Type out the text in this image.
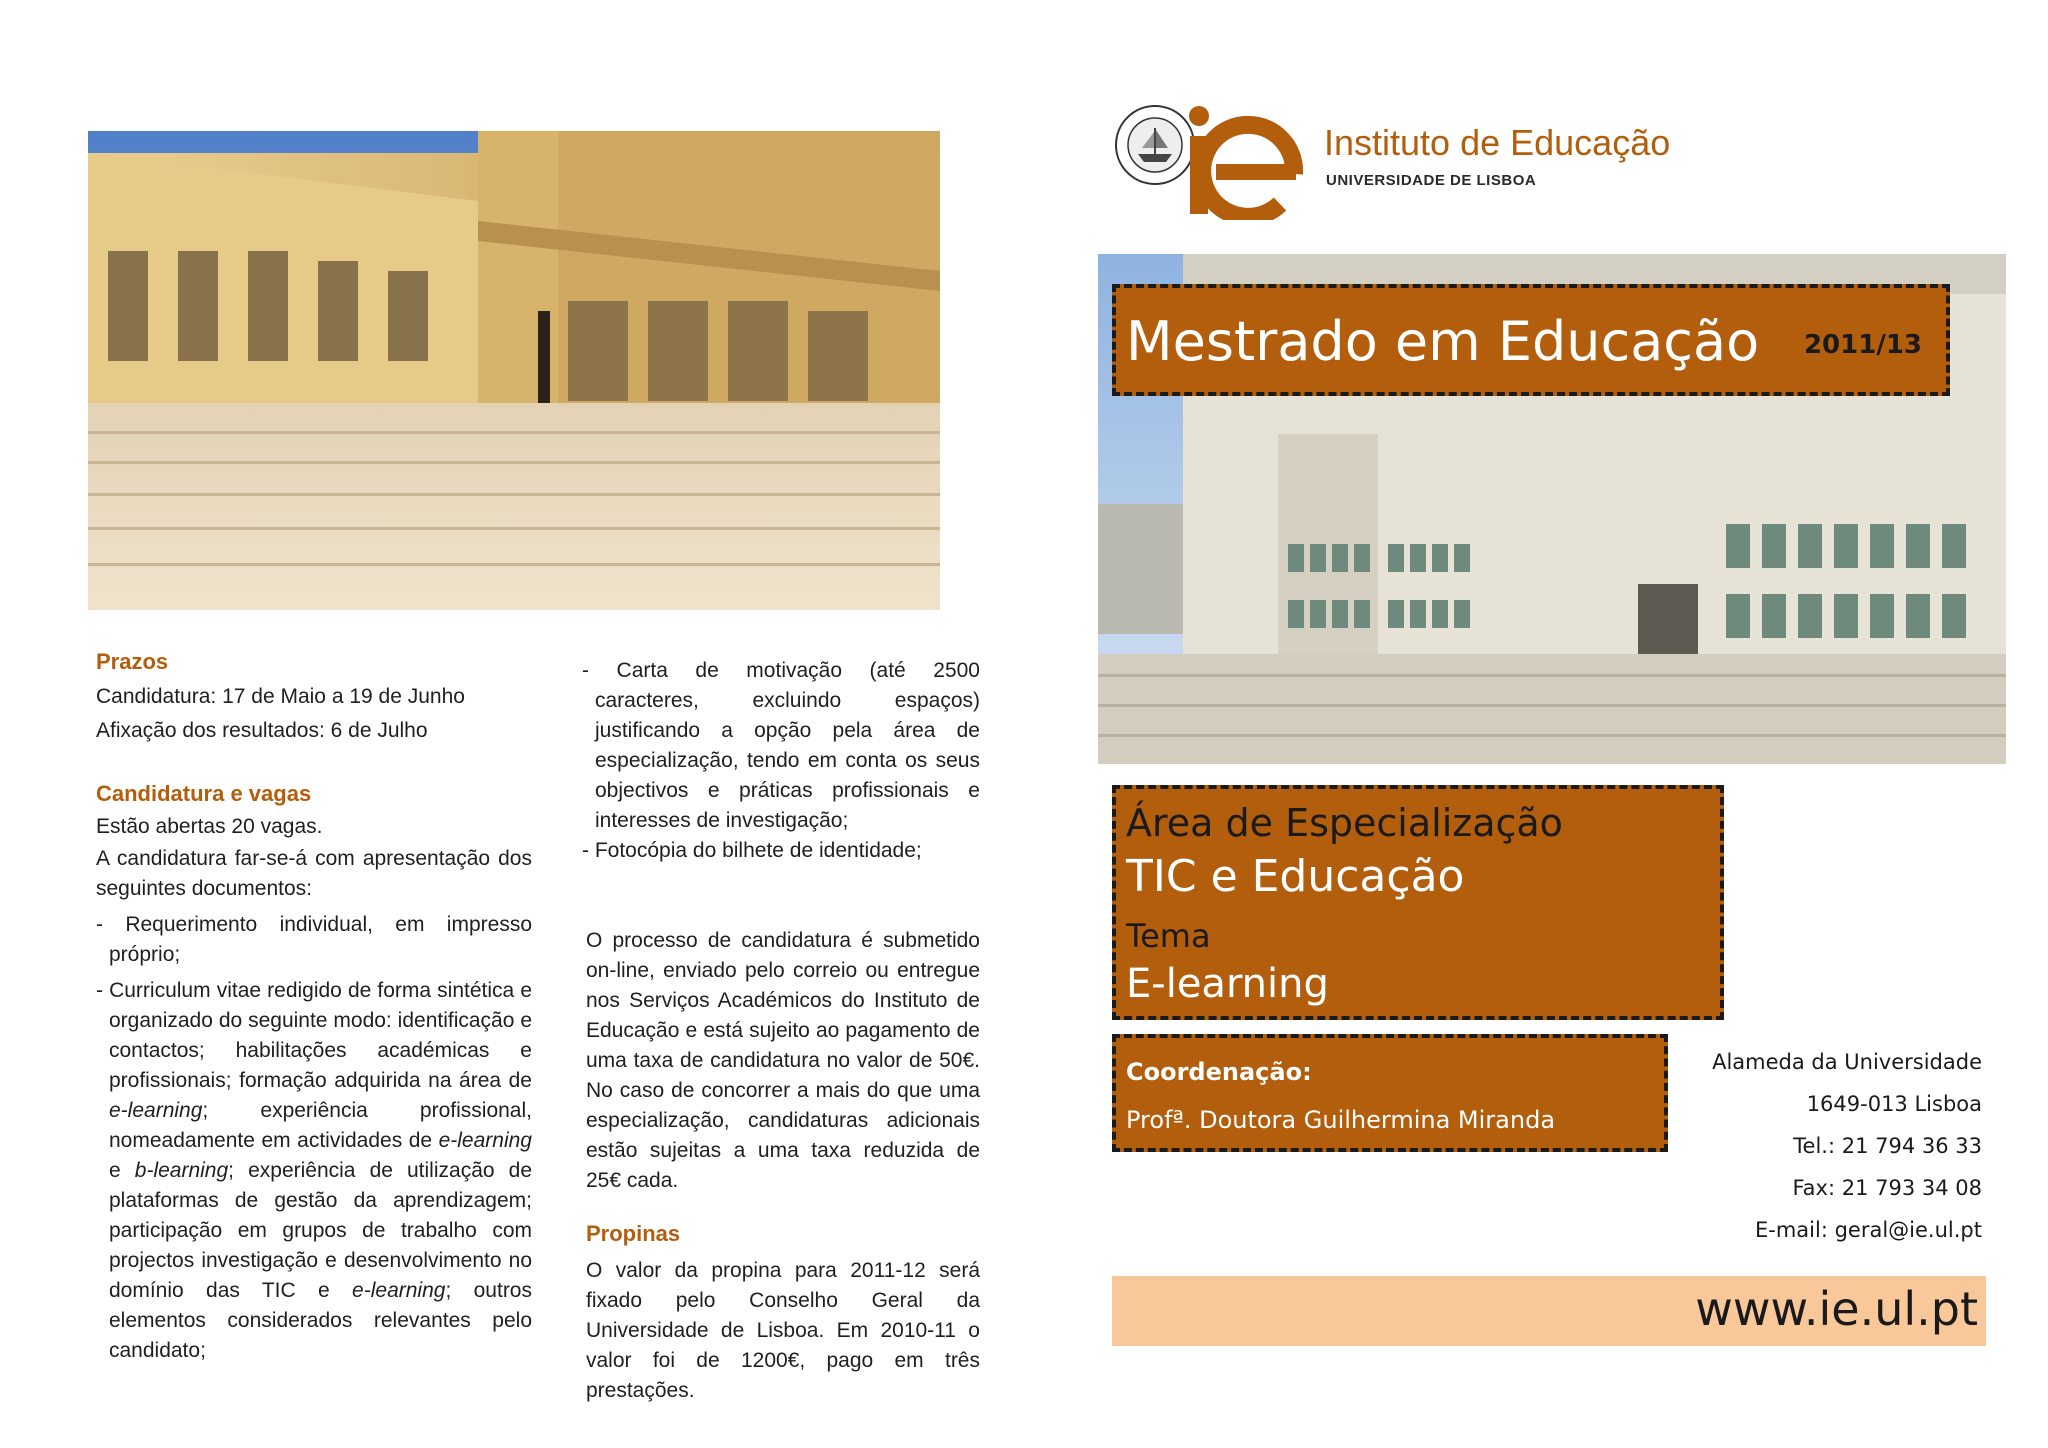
Instituto de Educação
UNIVERSIDADE DE LISBOA
Mestrado em Educação 2011/13
Área de Especialização
TIC e Educação
Tema
E-learning
Coordenação:
Profª. Doutora Guilhermina Miranda
Alameda da Universidade
1649-013 Lisboa
Tel.: 21 794 36 33
Fax: 21 793 34 08
E-mail: geral@ie.ul.pt
www.ie.ul.pt
Prazos
Candidatura: 17 de Maio a 19 de Junho
Afixação dos resultados: 6 de Julho
Candidatura e vagas
Estão abertas 20 vagas.

A candidatura far-se-á com apresentação dos seguintes documentos:

- Requerimento individual, em impresso próprio;
- Curriculum vitae redigido de forma sintética e organizado do seguinte modo: identificação e contactos; habilitações académicas e profissionais; formação adquirida na área de e-learning; experiência profissional, nomeadamente em actividades de e-learning e b-learning; experiência de utilização de plataformas de gestão da aprendizagem; participação em grupos de trabalho com projectos investigação e desenvolvimento no domínio das TIC e e-learning; outros elementos considerados relevantes pelo candidato;
- Carta de motivação (até 2500 caracteres, excluindo espaços) justificando a opção pela área de especialização, tendo em conta os seus objectivos e práticas profissionais e interesses de investigação;
- Fotocópia do bilhete de identidade;

O processo de candidatura é submetido on-line, enviado pelo correio ou entregue nos Serviços Académicos do Instituto de Educação e está sujeito ao pagamento de uma taxa de candidatura no valor de 50€. No caso de concorrer a mais do que uma especialização, candidaturas adicionais estão sujeitas a uma taxa reduzida de 25€ cada.

Propinas

O valor da propina para 2011-12 será fixado pelo Conselho Geral da Universidade de Lisboa. Em 2010-11 o valor foi de 1200€, pago em três prestações.
